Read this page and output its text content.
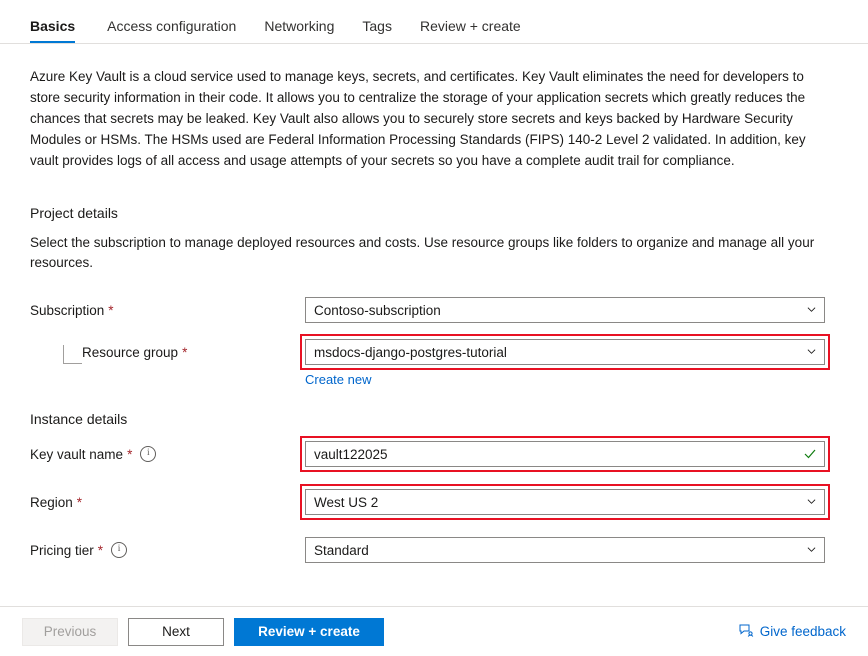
Basics	Access configuration	Networking	Tags	Review + create

Azure Key Vault is a cloud service used to manage keys, secrets, and certificates. Key Vault eliminates the need for developers to store security information in their code. It allows you to centralize the storage of your application secrets which greatly reduces the chances that secrets may be leaked. Key Vault also allows you to securely store secrets and keys backed by Hardware Security Modules or HSMs. The HSMs used are Federal Information Processing Standards (FIPS) 140-2 Level 2 validated. In addition, key vault provides logs of all access and usage attempts of your secrets so you have a complete audit trail for compliance.

Project details

Select the subscription to manage deployed resources and costs. Use resource groups like folders to organize and manage all your resources.

Subscription *	Contoso-subscription
Resource group *	msdocs-django-postgres-tutorial
Create new
Instance details
Key vault name *	i	vault122025
Region *	West US 2
Pricing tier *	i	Standard
Previous	Next	Review + create	Give feedback
